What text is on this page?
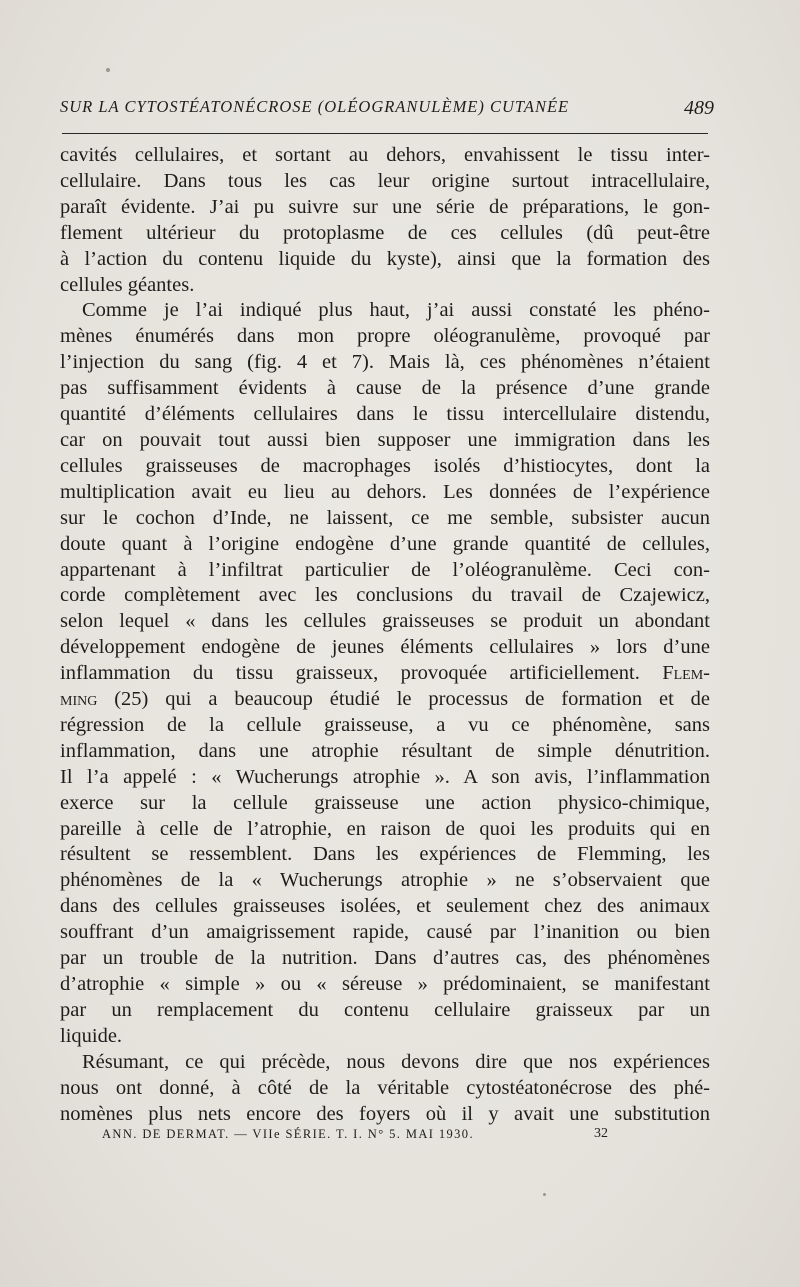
SUR LA CYTOSTÉATONÉCROSE (OLÉOGRANULÈME) CUTANÉE	489

cavités cellulaires, et sortant au dehors, envahissent le tissu inter-
cellulaire. Dans tous les cas leur origine surtout intracellulaire,
paraît évidente. J’ai pu suivre sur une série de préparations, le gon-
flement ultérieur du protoplasme de ces cellules (dû peut-être
à l’action du contenu liquide du kyste), ainsi que la formation des
cellules géantes.

Comme je l’ai indiqué plus haut, j’ai aussi constaté les phéno-
mènes énumérés dans mon propre oléogranulème, provoqué par
l’injection du sang (fig. 4 et 7). Mais là, ces phénomènes n’étaient
pas suffisamment évidents à cause de la présence d’une grande
quantité d’éléments cellulaires dans le tissu intercellulaire distendu,
car on pouvait tout aussi bien supposer une immigration dans les
cellules graisseuses de macrophages isolés d’histiocytes, dont la
multiplication avait eu lieu au dehors. Les données de l’expérience
sur le cochon d’Inde, ne laissent, ce me semble, subsister aucun
doute quant à l’origine endogène d’une grande quantité de cellules,
appartenant à l’infiltrat particulier de l’oléogranulème. Ceci con-
corde complètement avec les conclusions du travail de Czajewicz,
selon lequel « dans les cellules graisseuses se produit un abondant
développement endogène de jeunes éléments cellulaires » lors d’une
inflammation du tissu graisseux, provoquée artificiellement. Flem-
ming (25) qui a beaucoup étudié le processus de formation et de
régression de la cellule graisseuse, a vu ce phénomène, sans
inflammation, dans une atrophie résultant de simple dénutrition.
Il l’a appelé : « Wucherungs atrophie ». A son avis, l’inflammation
exerce sur la cellule graisseuse une action physico-chimique,
pareille à celle de l’atrophie, en raison de quoi les produits qui en
résultent se ressemblent. Dans les expériences de Flemming, les
phénomènes de la « Wucherungs atrophie » ne s’observaient que
dans des cellules graisseuses isolées, et seulement chez des animaux
souffrant d’un amaigrissement rapide, causé par l’inanition ou bien
par un trouble de la nutrition. Dans d’autres cas, des phénomènes
d’atrophie « simple » ou « séreuse » prédominaient, se manifestant
par un remplacement du contenu cellulaire graisseux par un
liquide.

Résumant, ce qui précède, nous devons dire que nos expériences
nous ont donné, à côté de la véritable cytostéatonécrose des phé-
nomènes plus nets encore des foyers où il y avait une substitution

ANN. DE DERMAT. — VIIe SÉRIE. T. I. N° 5. MAI 1930.	32
